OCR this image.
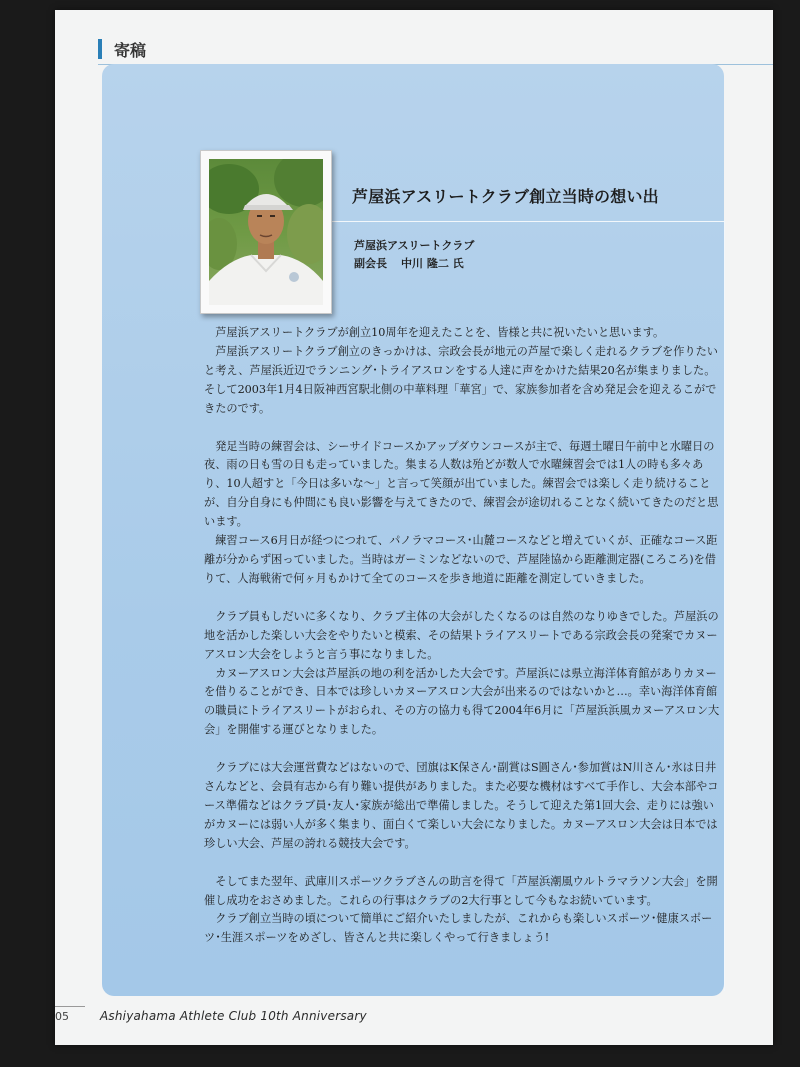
寄稿
芦屋浜アスリートクラブ創立当時の想い出
芦屋浜アスリートクラブ
副会長 中川 隆二 氏

芦屋浜アスリートクラブが創立10周年を迎えたことを、皆様と共に祝いたいと思います。

芦屋浜アスリートクラブ創立のきっかけは、宗政会長が地元の芦屋で楽しく走れるクラブを作りたいと考え、芦屋浜近辺でランニング･トライアスロンをする人達に声をかけた結果20名が集まりました。そして2003年1月4日阪神西宮駅北側の中華料理「華宮」で、家族参加者を含め発足会を迎えるこができたのです。

発足当時の練習会は、シーサイドコースかアップダウンコースが主で、毎週土曜日午前中と水曜日の夜、雨の日も雪の日も走っていました。集まる人数は殆どが数人で水曜練習会では1人の時も多々あり、10人超すと「今日は多いな～」と言って笑顔が出ていました。練習会では楽しく走り続けることが、自分自身にも仲間にも良い影響を与えてきたので、練習会が途切れることなく続いてきたのだと思います。

練習コース6月日が経つにつれて、パノラマコース･山麓コースなどと増えていくが、正確なコース距離が分からず困っていました。当時はガーミンなどないので、芦屋陸協から距離測定器(ころころ)を借りて、人海戦術で何ヶ月もかけて全てのコースを歩き地道に距離を測定していきました。

クラブ員もしだいに多くなり、クラブ主体の大会がしたくなるのは自然のなりゆきでした。芦屋浜の地を活かした楽しい大会をやりたいと模索、その結果トライアスリートである宗政会長の発案でカヌーアスロン大会をしようと言う事になりました。

カヌーアスロン大会は芦屋浜の地の利を活かした大会です。芦屋浜には県立海洋体育館がありカヌーを借りることができ、日本では珍しいカヌーアスロン大会が出来るのではないかと…。幸い海洋体育館の職員にトライアスリートがおられ、その方の協力も得て2004年6月に「芦屋浜浜風カヌーアスロン大会」を開催する運びとなりました。

クラブには大会運営費などはないので、団旗はK保さん･副賞はS圓さん･参加賞はN川さん･氷は日井さんなどと、会員有志から有り難い提供がありました。また必要な機材はすべて手作し、大会本部やコース準備などはクラブ員･友人･家族が総出で準備しました。そうして迎えた第1回大会、走りには強いがカヌーには弱い人が多く集まり、面白くて楽しい大会になりました。カヌーアスロン大会は日本では珍しい大会、芦屋の誇れる競技大会です。

そしてまた翌年、武庫川スポーツクラブさんの助言を得て「芦屋浜潮風ウルトラマラソン大会」を開催し成功をおさめました。これらの行事はクラブの2大行事として今もなお続いています。

クラブ創立当時の頃について簡単にご紹介いたしましたが、これからも楽しいスポーツ･健康スポーツ･生涯スポーツをめざし、皆さんと共に楽しくやって行きましょう!

05	Ashiyahama Athlete Club 10th Anniversary
